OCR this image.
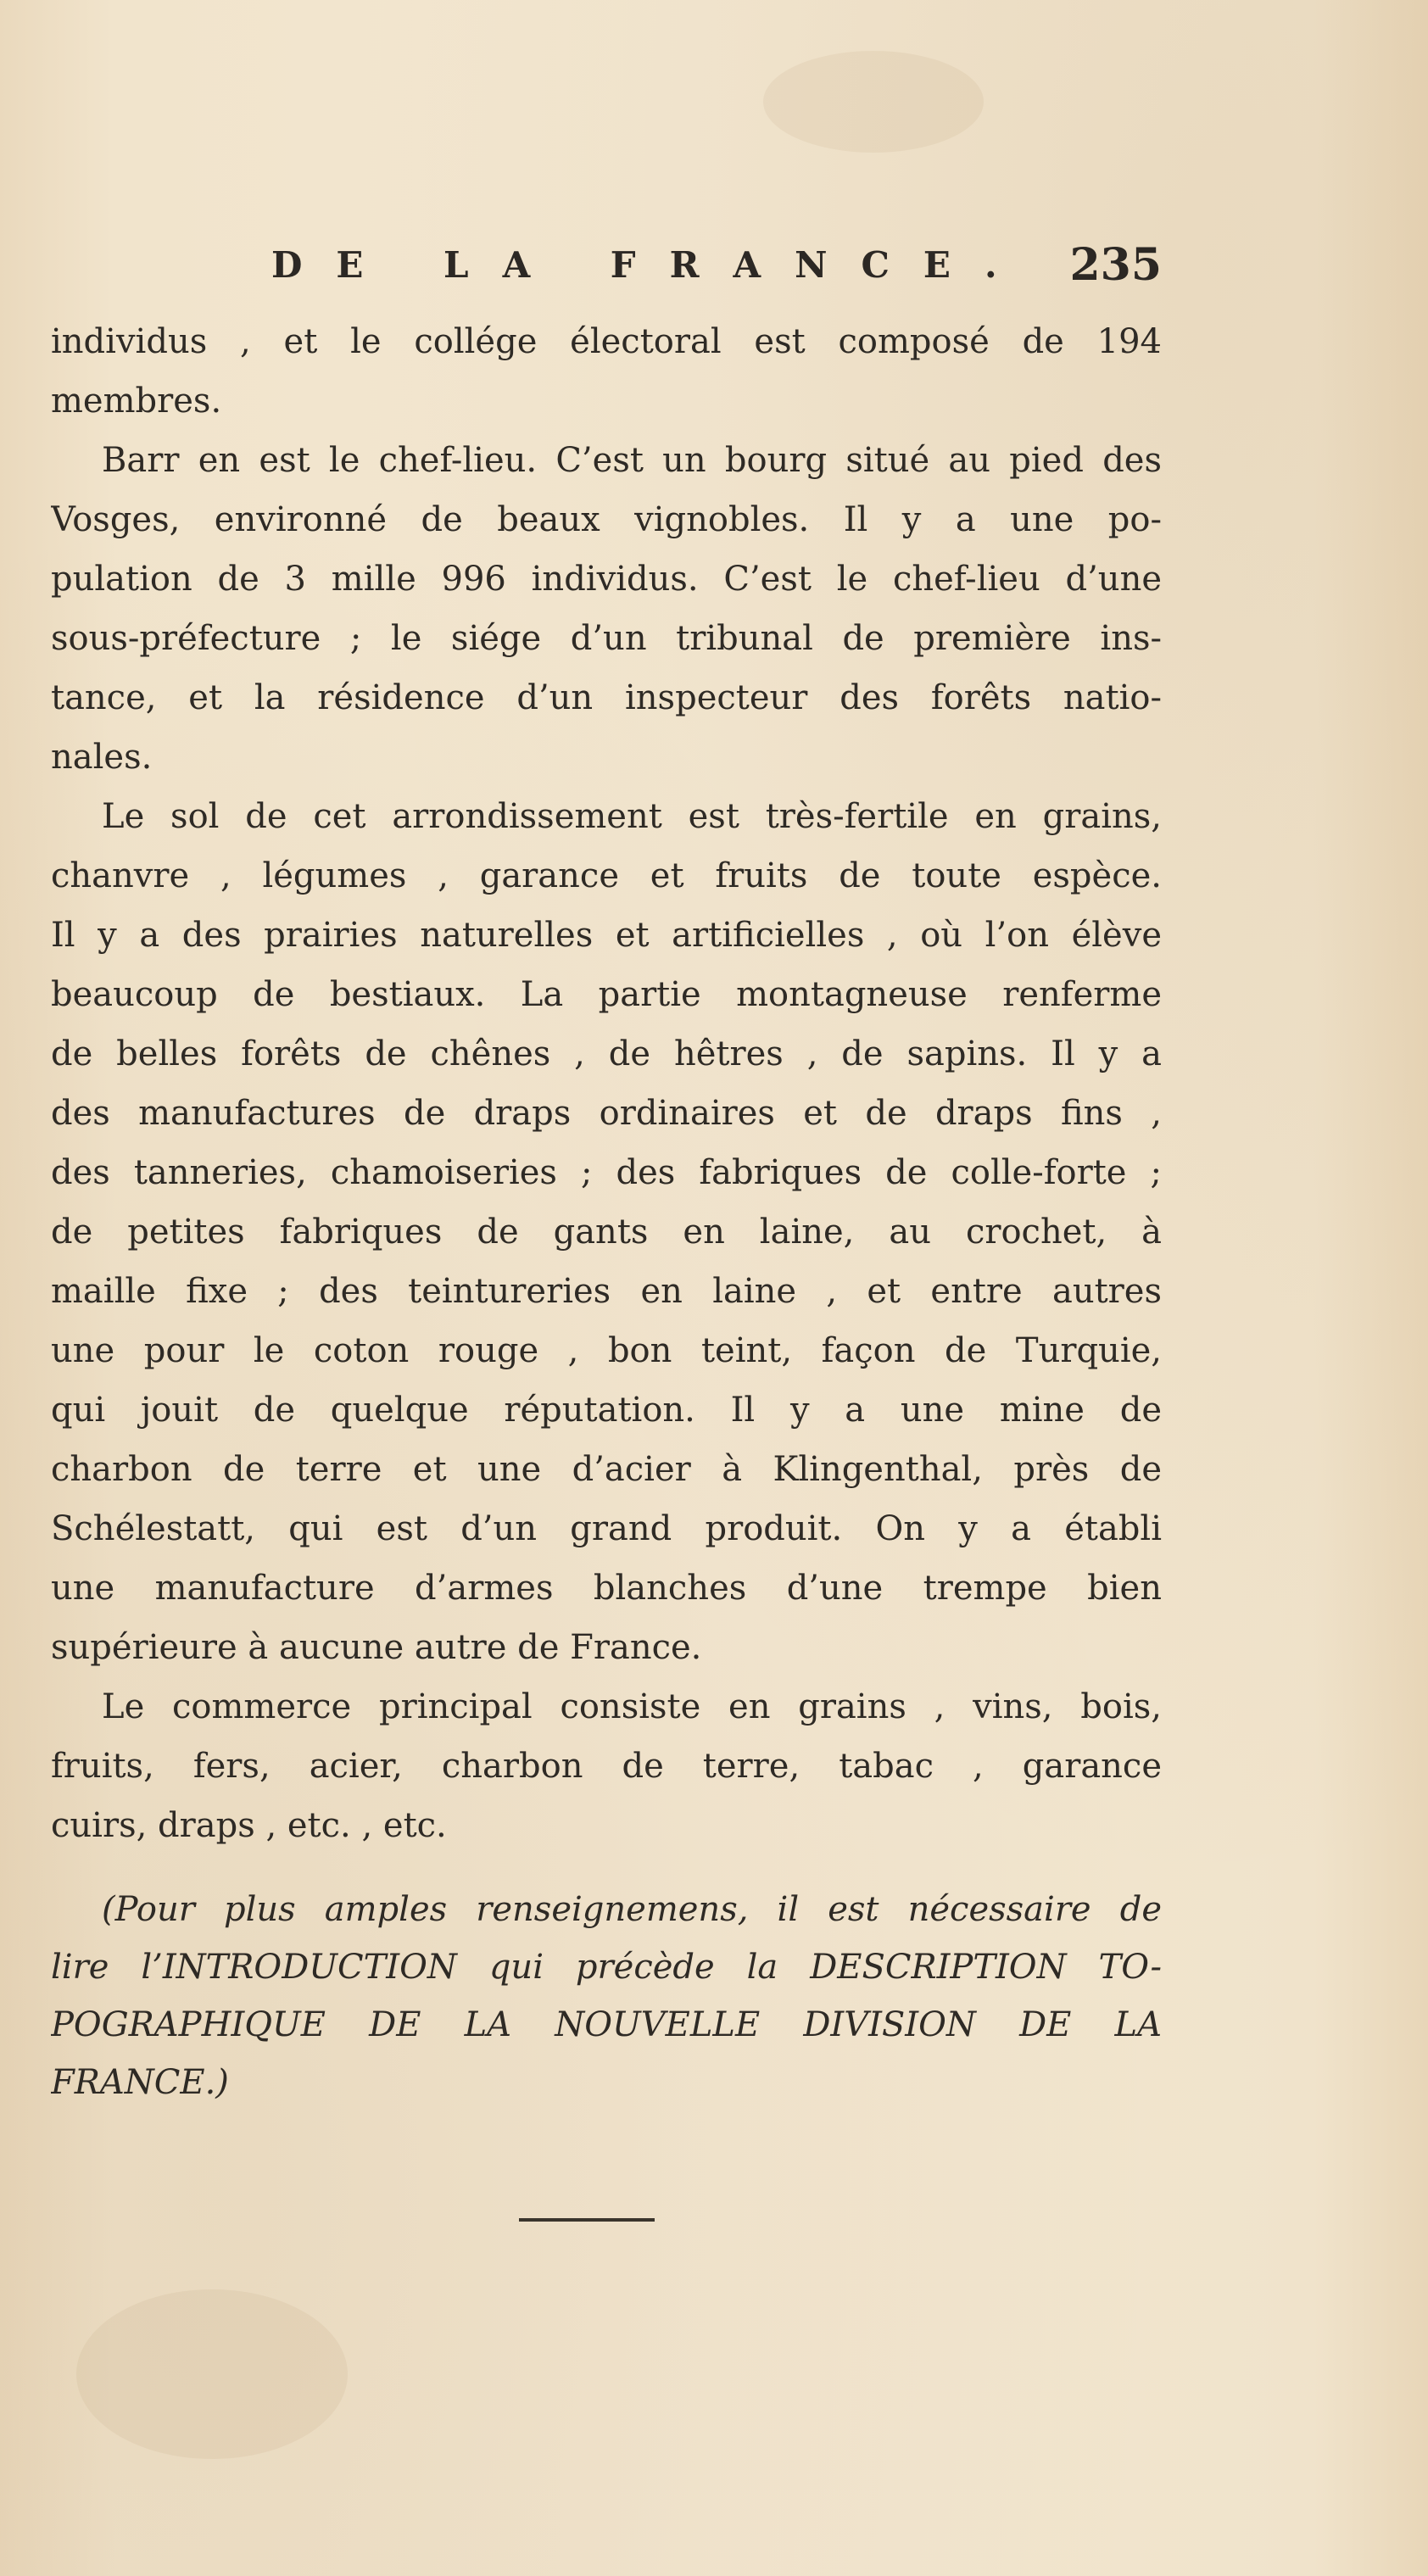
DE LA FRANCE. 235
individus , et le collége électoral est composé de 194
membres.
Barr en est le chef-lieu. C’est un bourg situé au pied des
Vosges, environné de beaux vignobles. Il y a une po-
pulation de 3 mille 996 individus. C’est le chef-lieu d’une
sous-préfecture ; le siége d’un tribunal de première ins-
tance, et la résidence d’un inspecteur des forêts natio-
nales.
Le sol de cet arrondissement est très-fertile en grains,
chanvre , légumes , garance et fruits de toute espèce.
Il y a des prairies naturelles et artificielles , où l’on élève
beaucoup de bestiaux. La partie montagneuse renferme
de belles forêts de chênes , de hêtres , de sapins. Il y a
des manufactures de draps ordinaires et de draps fins ,
des tanneries, chamoiseries ; des fabriques de colle-forte ;
de petites fabriques de gants en laine, au crochet, à
maille fixe ; des teintureries en laine , et entre autres
une pour le coton rouge , bon teint, façon de Turquie,
qui jouit de quelque réputation. Il y a une mine de
charbon de terre et une d’acier à Klingenthal, près de
Schélestatt, qui est d’un grand produit. On y a établi
une manufacture d’armes blanches d’une trempe bien
supérieure à aucune autre de France.
Le commerce principal consiste en grains , vins, bois,
fruits, fers, acier, charbon de terre, tabac , garance
cuirs, draps , etc. , etc.
(Pour plus amples renseignemens, il est nécessaire de
lire l’INTRODUCTION qui précède la DESCRIPTION TO-
POGRAPHIQUE DE LA NOUVELLE DIVISION DE LA
FRANCE.)
